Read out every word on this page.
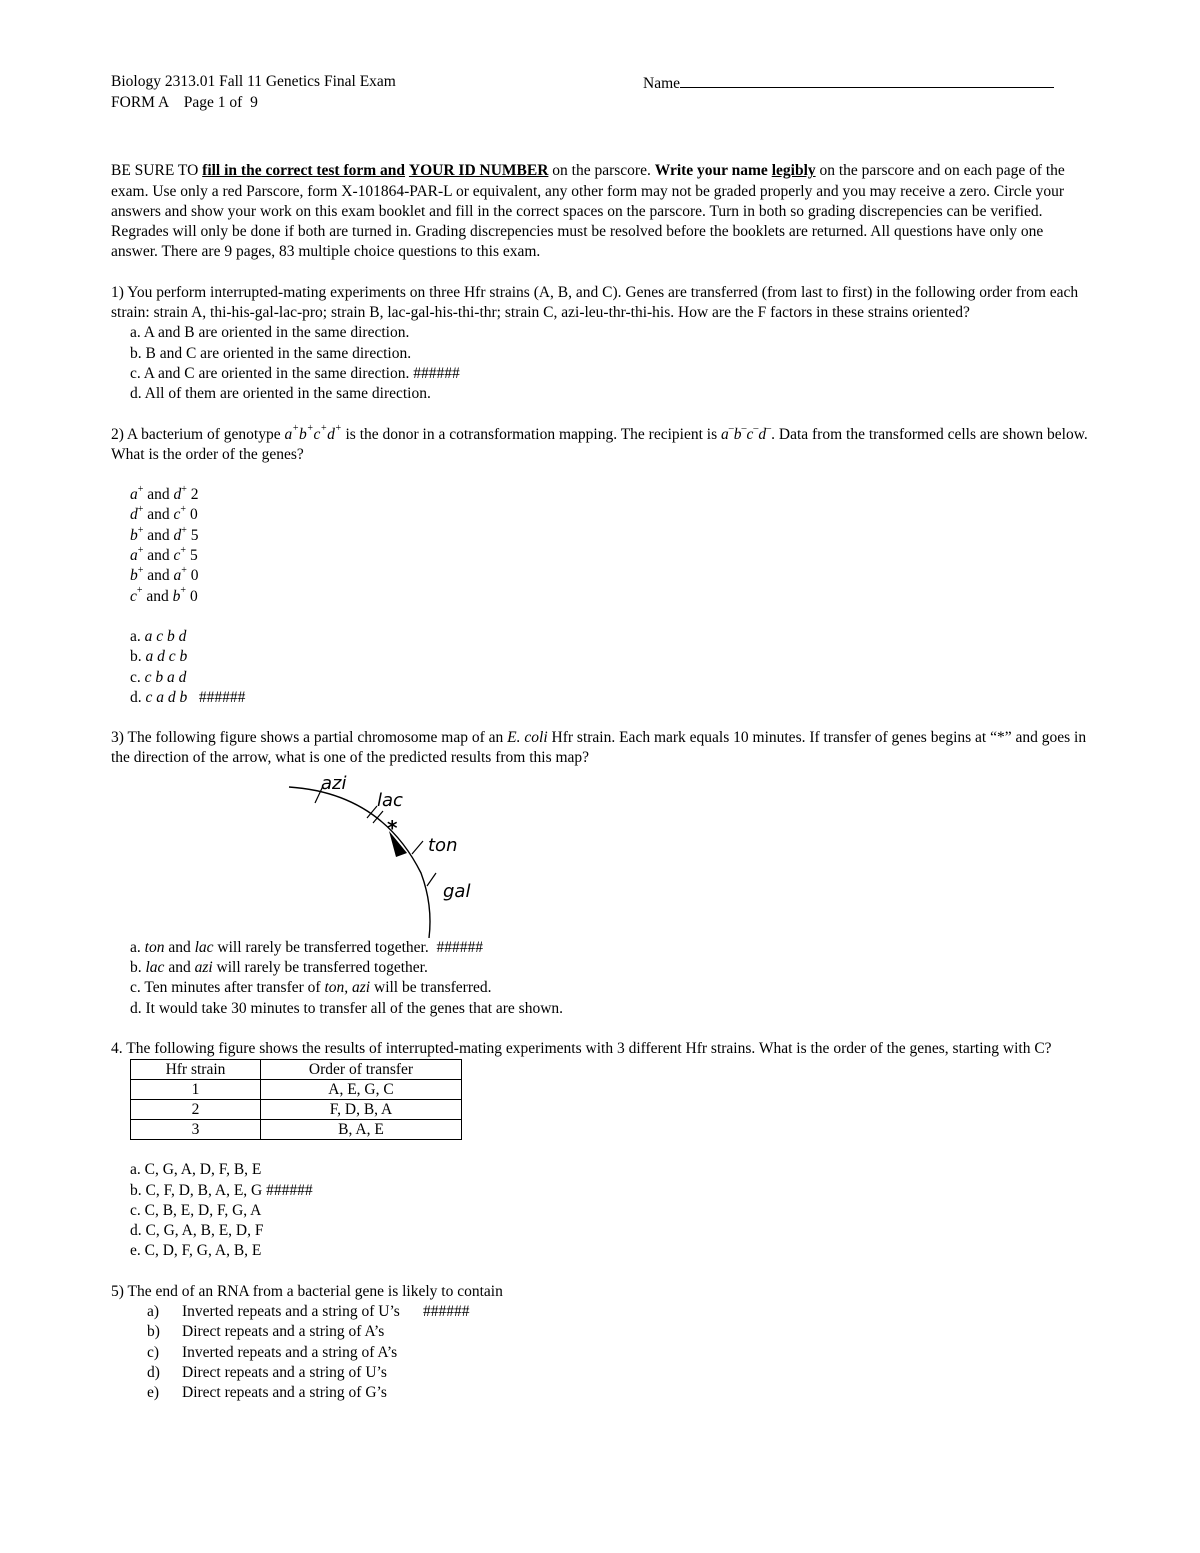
Biology 2313.01 Fall 11 Genetics Final Exam	Name

FORM A    Page 1 of  9

BE SURE TO fill in the correct test form and YOUR ID NUMBER on the parscore. Write your name legibly on the parscore and on each page of the exam. Use only a red Parscore, form X-101864-PAR-L or equivalent, any other form may not be graded properly and you may receive a zero. Circle your answers and show your work on this exam booklet and fill in the correct spaces on the parscore. Turn in both so grading discrepencies can be verified. Regrades will only be done if both are turned in. Grading discrepencies must be resolved before the booklets are returned. All questions have only one answer. There are 9 pages, 83 multiple choice questions to this exam.

1) You perform interrupted-mating experiments on three Hfr strains (A, B, and C). Genes are transferred (from last to first) in the following order from each strain: strain A, thi-his-gal-lac-pro; strain B, lac-gal-his-thi-thr; strain C, azi-leu-thr-thi-his. How are the F factors in these strains oriented?

a. A and B are oriented in the same direction.

b. B and C are oriented in the same direction.

c. A and C are oriented in the same direction. ######

d. All of them are oriented in the same direction.

2) A bacterium of genotype a+b+c+d+ is the donor in a cotransformation mapping. The recipient is a–b–c–d–. Data from the transformed cells are shown below. What is the order of the genes?

a+ and d+ 2

d+ and c+ 0

b+ and d+ 5

a+ and c+ 5

b+ and a+ 0

c+ and b+ 0

a. a c b d

b. a d c b

c. c b a d

d. c a d b ######

3) The following figure shows a partial chromosome map of an E. coli Hfr strain. Each mark equals 10 minutes. If transfer of genes begins at “*” and goes in the direction of the arrow, what is one of the predicted results from this map?

azi
lac
*
ton
gal

a. ton and lac will rarely be transferred together.  ######

b. lac and azi will rarely be transferred together.

c. Ten minutes after transfer of ton, azi will be transferred.

d. It would take 30 minutes to transfer all of the genes that are shown.

4. The following figure shows the results of interrupted-mating experiments with 3 different Hfr strains. What is the order of the genes, starting with C?

Hfr strain	Order of transfer
1	A, E, G, C
2	F, D, B, A
3	B, A, E

a. C, G, A, D, F, B, E

b. C, F, D, B, A, E, G ######

c. C, B, E, D, F, G, A

d. C, G, A, B, E, D, F

e. C, D, F, G, A, B, E

5) The end of an RNA from a bacterial gene is likely to contain

a) Inverted repeats and a string of U’s      ######

b) Direct repeats and a string of A’s

c) Inverted repeats and a string of A’s

d) Direct repeats and a string of U’s

e) Direct repeats and a string of G’s
